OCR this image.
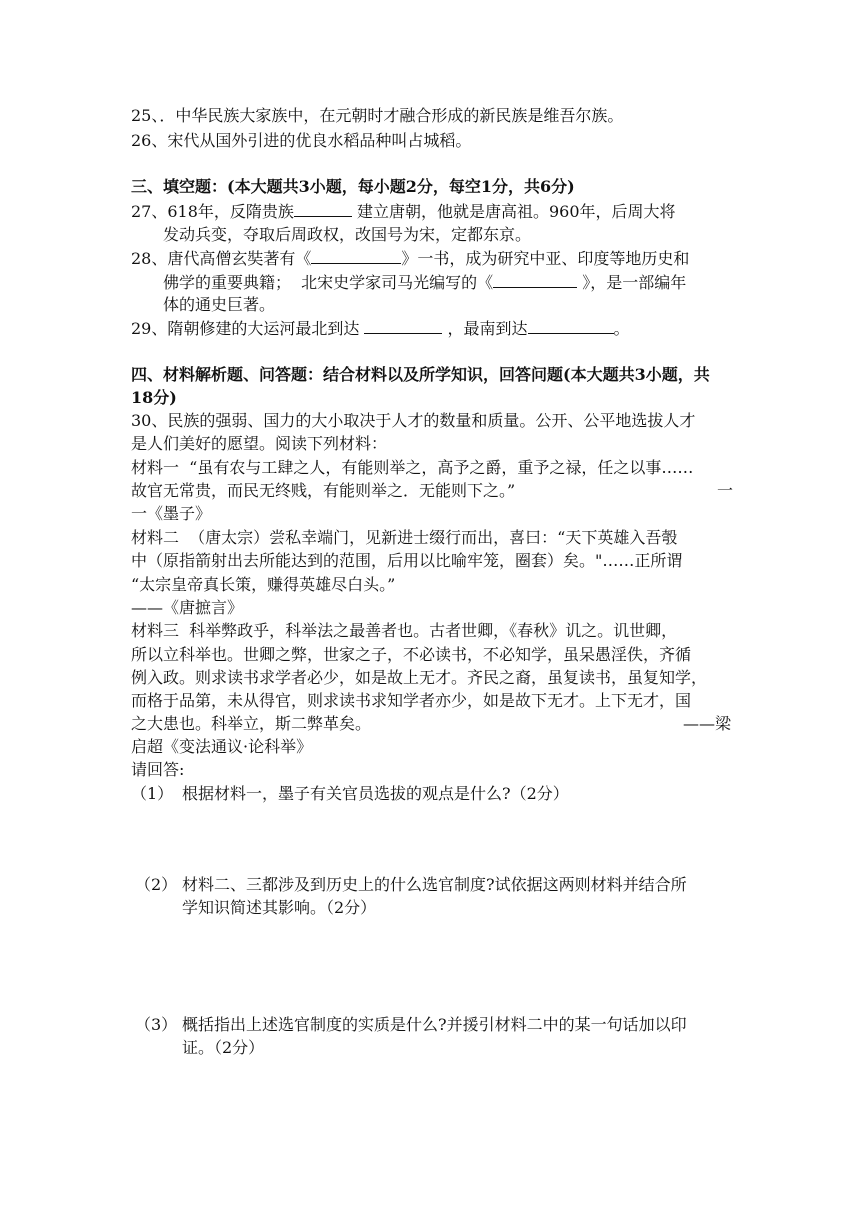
25、．中华民族大家族中，在元朝时才融合形成的新民族是维吾尔族。
26、宋代从国外引进的优良水稻品种叫占城稻。
三、填空题：(本大题共3小题，每小题2分，每空1分，共6分)
27、618年，反隋贵族	建立唐朝，他就是唐高祖。960年，后周大将
发动兵变，夺取后周政权，改国号为宋，定都东京。
28、唐代高僧玄奘著有《	》一书，成为研究中亚、印度等地历史和
佛学的重要典籍；  北宋史学家司马光编写的《	》，是一部编年
体的通史巨著。
29、隋朝修建的大运河最北到达	，最南到达	。
四、材料解析题、问答题：结合材料以及所学知识，回答问题(本大题共3小题，共
18分)
30、民族的强弱、国力的大小取决于人才的数量和质量。公开、公平地选拔人才
是人们美好的愿望。阅读下列材料：
材料一  “虽有农与工肆之人，有能则举之，高予之爵，重予之禄，任之以事……
故官无常贵，而民无终贱，有能则举之．无能则下之。”	一
一《墨子》
材料二  （唐太宗）尝私幸端门，见新进士缀行而出，喜曰：“天下英雄入吾彀
中（原指箭射出去所能达到的范围，后用以比喻牢笼，圈套）矣。"……正所谓
“太宗皇帝真长策，赚得英雄尽白头。”
——《唐摭言》
材料三  科举弊政乎，科举法之最善者也。古者世卿，《春秋》讥之。讥世卿，
所以立科举也。世卿之弊，世家之子，不必读书，不必知学，虽呆愚淫佚，齐循
例入政。则求读书求学者必少，如是故上无才。齐民之裔，虽复读书，虽复知学，
而格于品第，未从得官，则求读书求知学者亦少，如是故下无才。上下无才，国
之大患也。科举立，斯二弊革矣。	——梁
启超《变法通议·论科举》
请回答:
（1） 根据材料一，墨子有关官员选拔的观点是什么?（2分）
（2） 材料二、三都涉及到历史上的什么选官制度?试依据这两则材料并结合所
学知识简述其影响。（2分）
（3） 概括指出上述选官制度的实质是什么?并援引材料二中的某一句话加以印
证。（2分）
